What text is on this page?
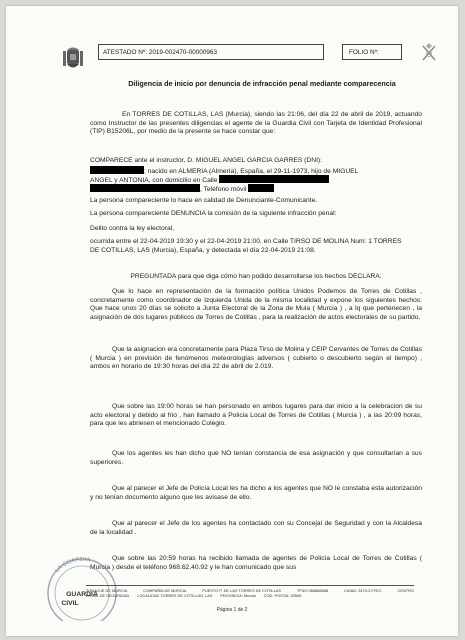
ATESTADO Nº: 2019-002470-00000963	FOLIO Nº:
Diligencia de inicio por denuncia de infracción penal mediante comparecencia
En TORRES DE COTILLAS, LAS (Murcia), siendo las 21:06, del día 22 de abril de 2019, actuando como Instructor de las presentes diligencias el agente de la Guardia Civil con Tarjeta de Identidad Profesional (TIP) B15206L, por medio de la presente se hace constar que:
COMPARECE ante el instructor, D. MIGUEL ANGEL GARCIA GARRES (DNI):
; nacido en ALMERIA (Almería), España, el 29-11-1973, hijo de MIGUEL
ANGEL y ANTONIA, con domicilio en Calle
, Teléfono móvil
La persona compareciente lo hace en calidad de Denunciante-Comunicante.
La persona compareciente DENUNCIA la comisión de la siguiente infracción penal:
Delito contra la ley electoral,
ocurrida entre el 22-04-2019 19:30 y el 22-04-2019 21:00, en Calle TIRSO DE MOLINA Num: 1 TORRES DE COTILLAS, LAS (Murcia), España, y detectada el día 22-04-2019 21:08.
PREGUNTADA para que diga cómo han podido desarrollarse los hechos DECLARA:
Que lo hace en representación de la formación política Unidos Podemos de Torres de Cotillas , concretamente como coordinador de Izquierda Unida de la misma localidad y expone los siguientes hechos: Que hace unos 20 días se solicito a Junta Electoral de la Zona de Mula ( Murcia ) , a lq que pertenecen , la asignación de dos lugares públicos de Torres de Cotillas , para la realización de actos electorales de su partido.
Que la asignacion era concretamente para Plaza Tirso de Molina y CEIP Cervantes de Torres de Cotillas ( Murcia ) en previsión de fenómenos meteorologías adversos ( cubierto o descubierto según el tiempo) , ambos en horario de 19:30 horas del día 22 de abril de 2.019.
Que sobre las 19:00 horas se han personado en ambos lugares para dar inicio a la celebracion de su acto electoral y debido al frio , han llamado a Policia Local de Torres de Cotillas ( Murcia ) , a las 20:09 horas, para que les abriesen el mencionado Colegio.
Que los agentes les han dicho que NO tenían constancia de esa asignación y que consultarían a sus superiores.
Que al parecer el Jefe de Policía Local les ha dicho a los agentes que NO le constaba esta autorización y no tenían documento alguno que les avisase de ello.
Que al parecer el Jefe de los agentes ha contactado con su Concejal de Seguridad y con la Alcaldesa de la localidad .
Que sobre las 20:59 horas ha recibido llamada de agentes de Policía Local de Torres de Cotillas ( Murcia ) desde el teléfono 968.62.40.92 y le han comunicado que sus
LA GUARDIA
GUARDIA
CIVIL
ZONA/CIE DE MURCIA	COMPAÑÍA DE MURCIA	PUESTO P. DE LAS TORRES DE COTILLAS	TFNO 968888888	CIDAD: 2470-27/YEC	CENTRO
LOCAL DE SEGURIDAD LOCALIDAD TORRES DE COTILLAS, LAS PROVINCIA: Murcia COD. POSTAL 30565
Página 1 de 2
